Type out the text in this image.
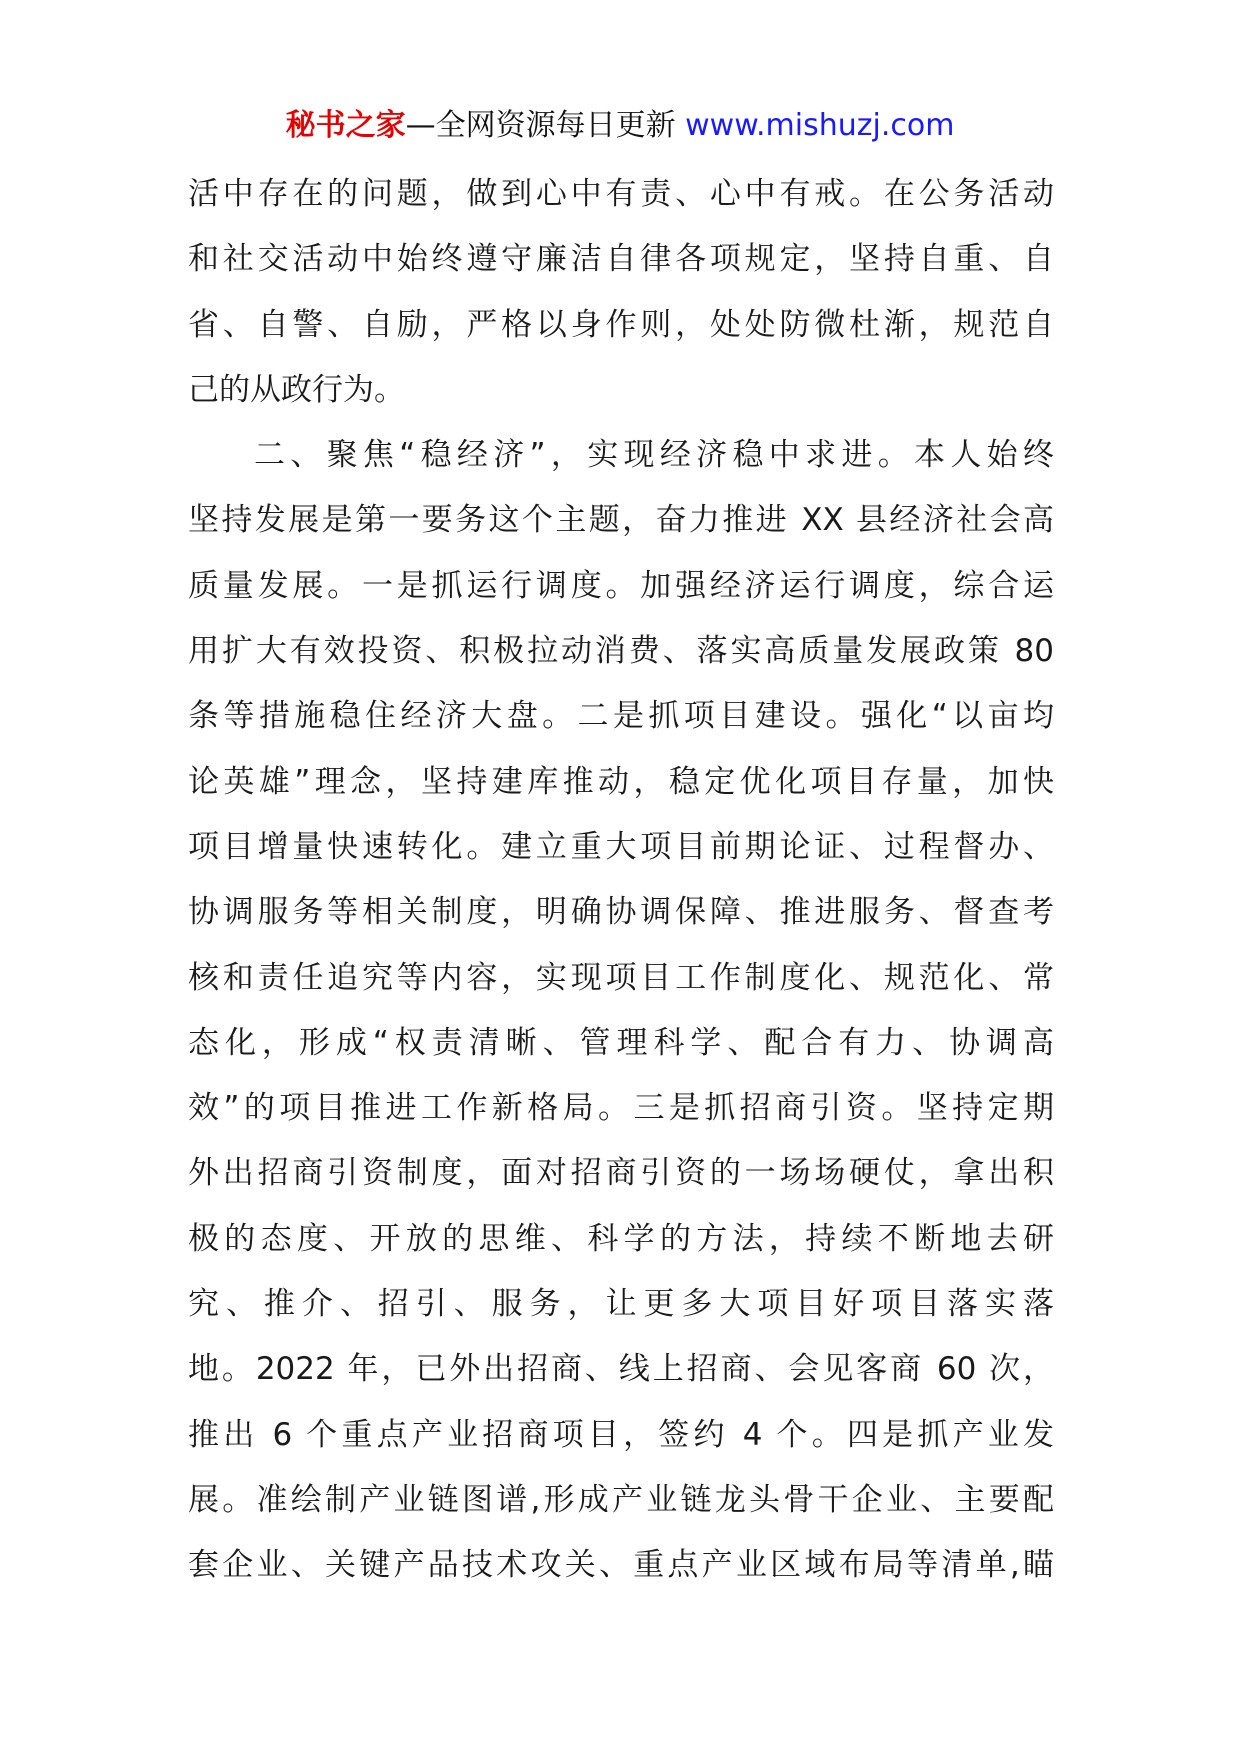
秘书之家—全网资源每日更新 www.mishuzj.com
活中存在的问题，做到心中有责、心中有戒。在公务活动
和社交活动中始终遵守廉洁自律各项规定，坚持自重、自
省、自警、自励，严格以身作则，处处防微杜渐，规范自
己的从政行为。
二、聚焦“稳经济”，实现经济稳中求进。本人始终
坚持发展是第一要务这个主题，奋力推进 XX 县经济社会高
质量发展。一是抓运行调度。加强经济运行调度，综合运
用扩大有效投资、积极拉动消费、落实高质量发展政策 80
条等措施稳住经济大盘。二是抓项目建设。强化“以亩均
论英雄”理念，坚持建库推动，稳定优化项目存量，加快
项目增量快速转化。建立重大项目前期论证、过程督办、
协调服务等相关制度，明确协调保障、推进服务、督查考
核和责任追究等内容，实现项目工作制度化、规范化、常
态化，形成“权责清晰、管理科学、配合有力、协调高
效”的项目推进工作新格局。三是抓招商引资。坚持定期
外出招商引资制度，面对招商引资的一场场硬仗，拿出积
极的态度、开放的思维、科学的方法，持续不断地去研
究、推介、招引、服务，让更多大项目好项目落实落
地。2022 年，已外出招商、线上招商、会见客商 60 次，
推出 6 个重点产业招商项目，签约 4 个。四是抓产业发
展。准绘制产业链图谱,形成产业链龙头骨干企业、主要配
套企业、关键产品技术攻关、重点产业区域布局等清单,瞄
